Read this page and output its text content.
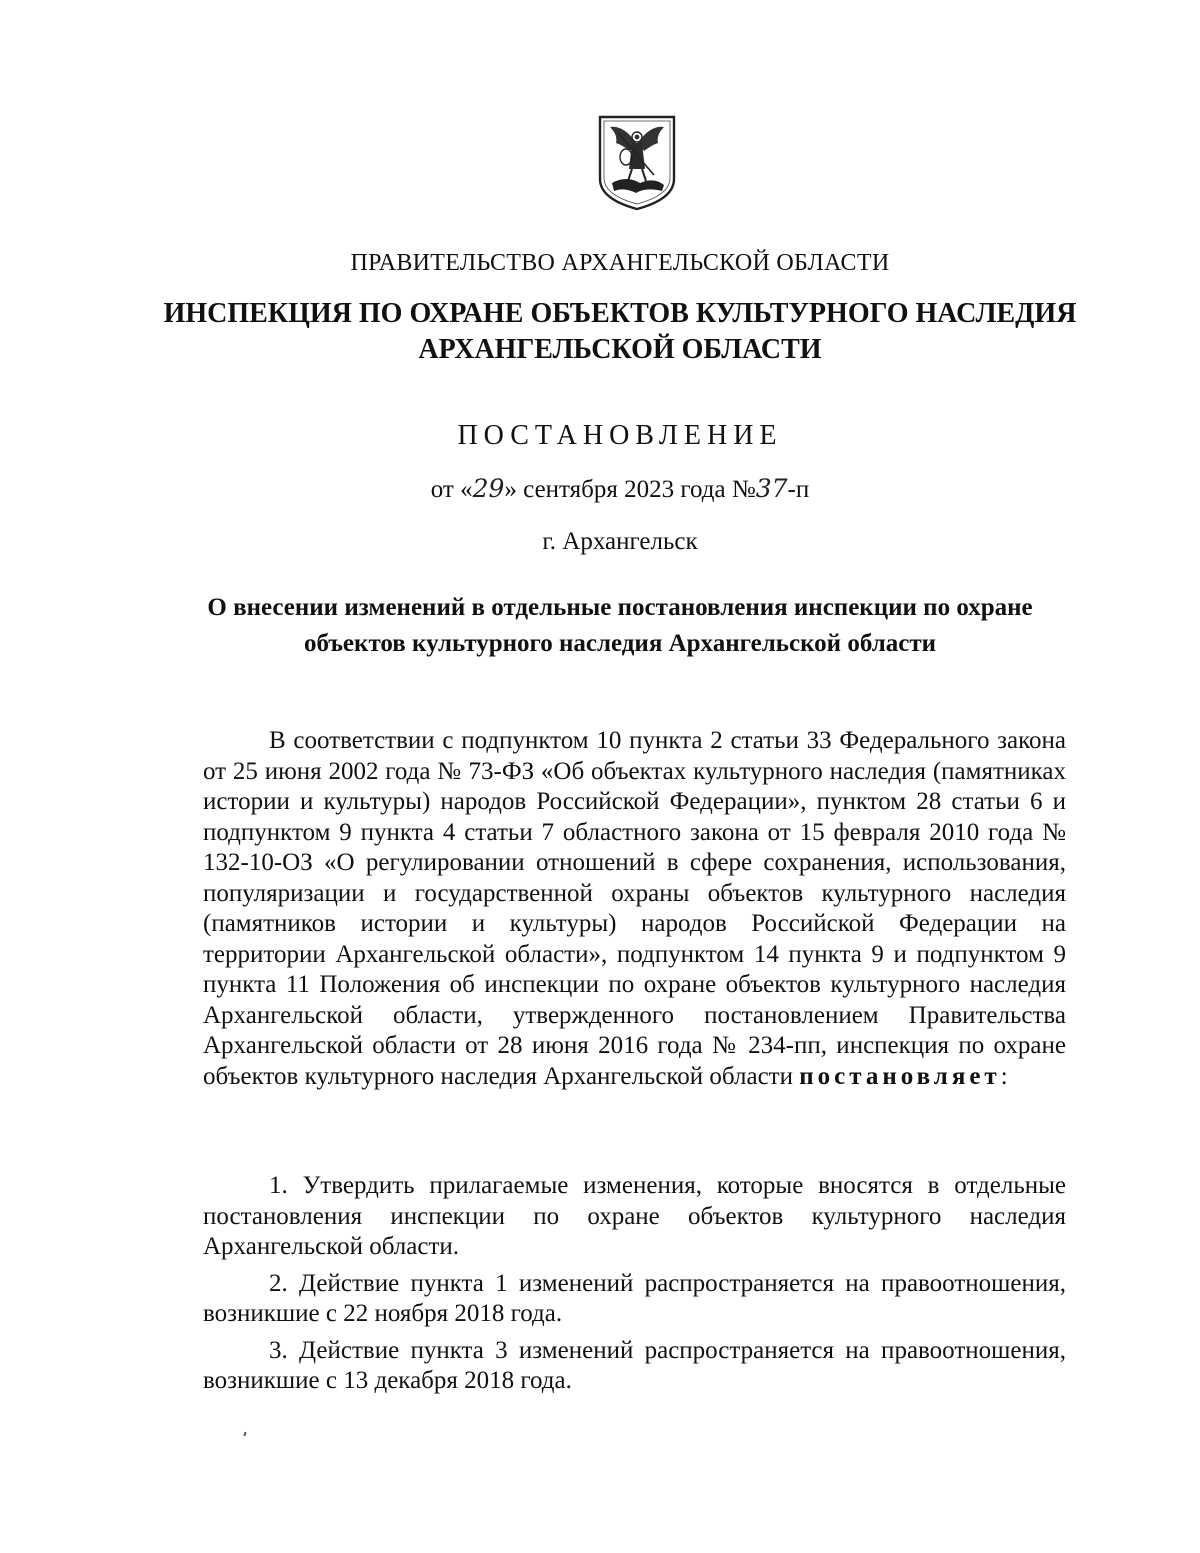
ПРАВИТЕЛЬСТВО АРХАНГЕЛЬСКОЙ ОБЛАСТИ
ИНСПЕКЦИЯ ПО ОХРАНЕ ОБЪЕКТОВ КУЛЬТУРНОГО НАСЛЕДИЯ
АРХАНГЕЛЬСКОЙ ОБЛАСТИ
ПОСТАНОВЛЕНИЕ
от «29» сентября 2023 года №37-п
г. Архангельск
О внесении изменений в отдельные постановления инспекции по охране
объектов культурного наследия Архангельской области
В соответствии с подпунктом 10 пункта 2 статьи 33 Федерального закона от 25 июня 2002 года № 73-ФЗ «Об объектах культурного наследия (памятниках истории и культуры) народов Российской Федерации», пунктом 28 статьи 6 и подпунктом 9 пункта 4 статьи 7 областного закона от 15 февраля 2010 года № 132-10-ОЗ «О регулировании отношений в сфере сохранения, использования, популяризации и государственной охраны объектов культурного наследия (памятников истории и культуры) народов Российской Федерации на территории Архангельской области», подпунктом 14 пункта 9 и подпунктом 9 пункта 11 Положения об инспекции по охране объектов культурного наследия Архангельской области, утвержденного постановлением Правительства Архангельской области от 28 июня 2016 года № 234-пп, инспекция по охране объектов культурного наследия Архангельской области постановляет:

1. Утвердить прилагаемые изменения, которые вносятся в отдельные постановления инспекции по охране объектов культурного наследия Архангельской области.

2. Действие пункта 1 изменений распространяется на правоотношения, возникшие с 22 ноября 2018 года.

3. Действие пункта 3 изменений распространяется на правоотношения, возникшие с 13 декабря 2018 года.
